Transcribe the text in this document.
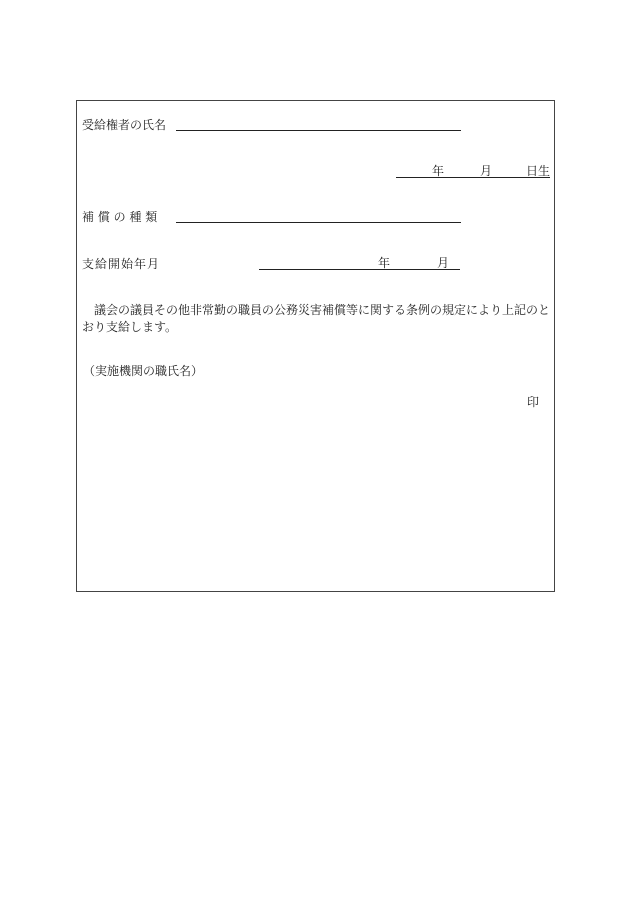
受給権者の氏名
年	月	日生
補 償 の 種 類
支給開始年月	年	月
議会の議員その他非常勤の職員の公務災害補償等に関する条例の規定により上記のとおり支給します。
（実施機関の職氏名）
印
